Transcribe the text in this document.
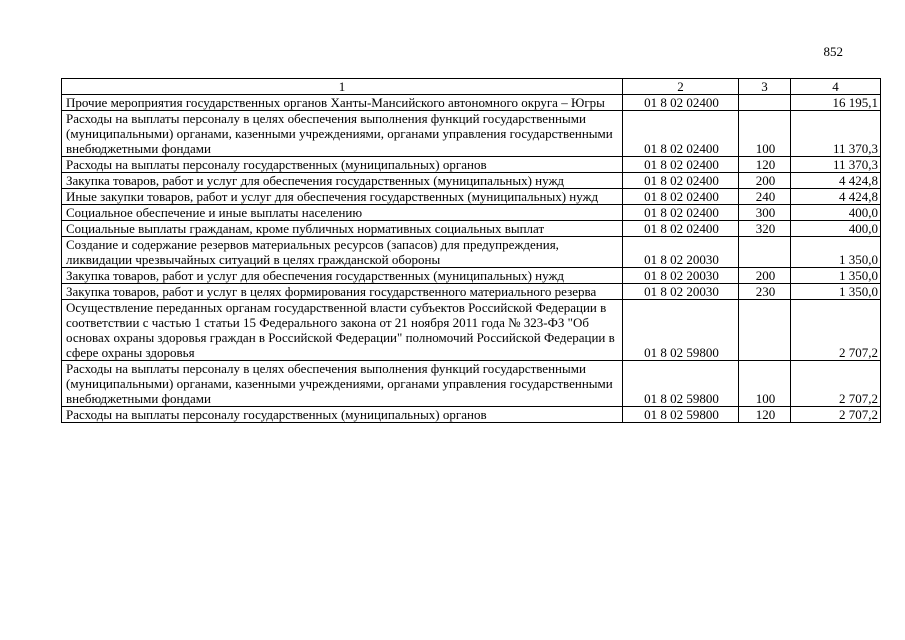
852
1	2	3	4
Прочие мероприятия государственных органов Ханты-Мансийского автономного округа – Югры	01 8 02 02400		16 195,1
Расходы на выплаты персоналу в целях обеспечения выполнения функций государственными (муниципальными) органами, казенными учреждениями, органами управления государственными внебюджетными фондами	01 8 02 02400	100	11 370,3
Расходы на выплаты персоналу государственных (муниципальных) органов	01 8 02 02400	120	11 370,3
Закупка товаров, работ и услуг для обеспечения государственных (муниципальных) нужд	01 8 02 02400	200	4 424,8
Иные закупки товаров, работ и услуг для обеспечения государственных (муниципальных) нужд	01 8 02 02400	240	4 424,8
Социальное обеспечение и иные выплаты населению	01 8 02 02400	300	400,0
Социальные выплаты гражданам, кроме публичных нормативных социальных выплат	01 8 02 02400	320	400,0
Создание и содержание резервов материальных ресурсов (запасов) для предупреждения, ликвидации чрезвычайных ситуаций в целях гражданской обороны	01 8 02 20030		1 350,0
Закупка товаров, работ и услуг для обеспечения государственных (муниципальных) нужд	01 8 02 20030	200	1 350,0
Закупка товаров, работ и услуг в целях формирования государственного материального резерва	01 8 02 20030	230	1 350,0
Осуществление переданных органам государственной власти субъектов Российской Федерации в соответствии с частью 1 статьи 15 Федерального закона от 21 ноября 2011 года № 323-ФЗ "Об основах охраны здоровья граждан в Российской Федерации" полномочий Российской Федерации в сфере охраны здоровья	01 8 02 59800		2 707,2
Расходы на выплаты персоналу в целях обеспечения выполнения функций государственными (муниципальными) органами, казенными учреждениями, органами управления государственными внебюджетными фондами	01 8 02 59800	100	2 707,2
Расходы на выплаты персоналу государственных (муниципальных) органов	01 8 02 59800	120	2 707,2
